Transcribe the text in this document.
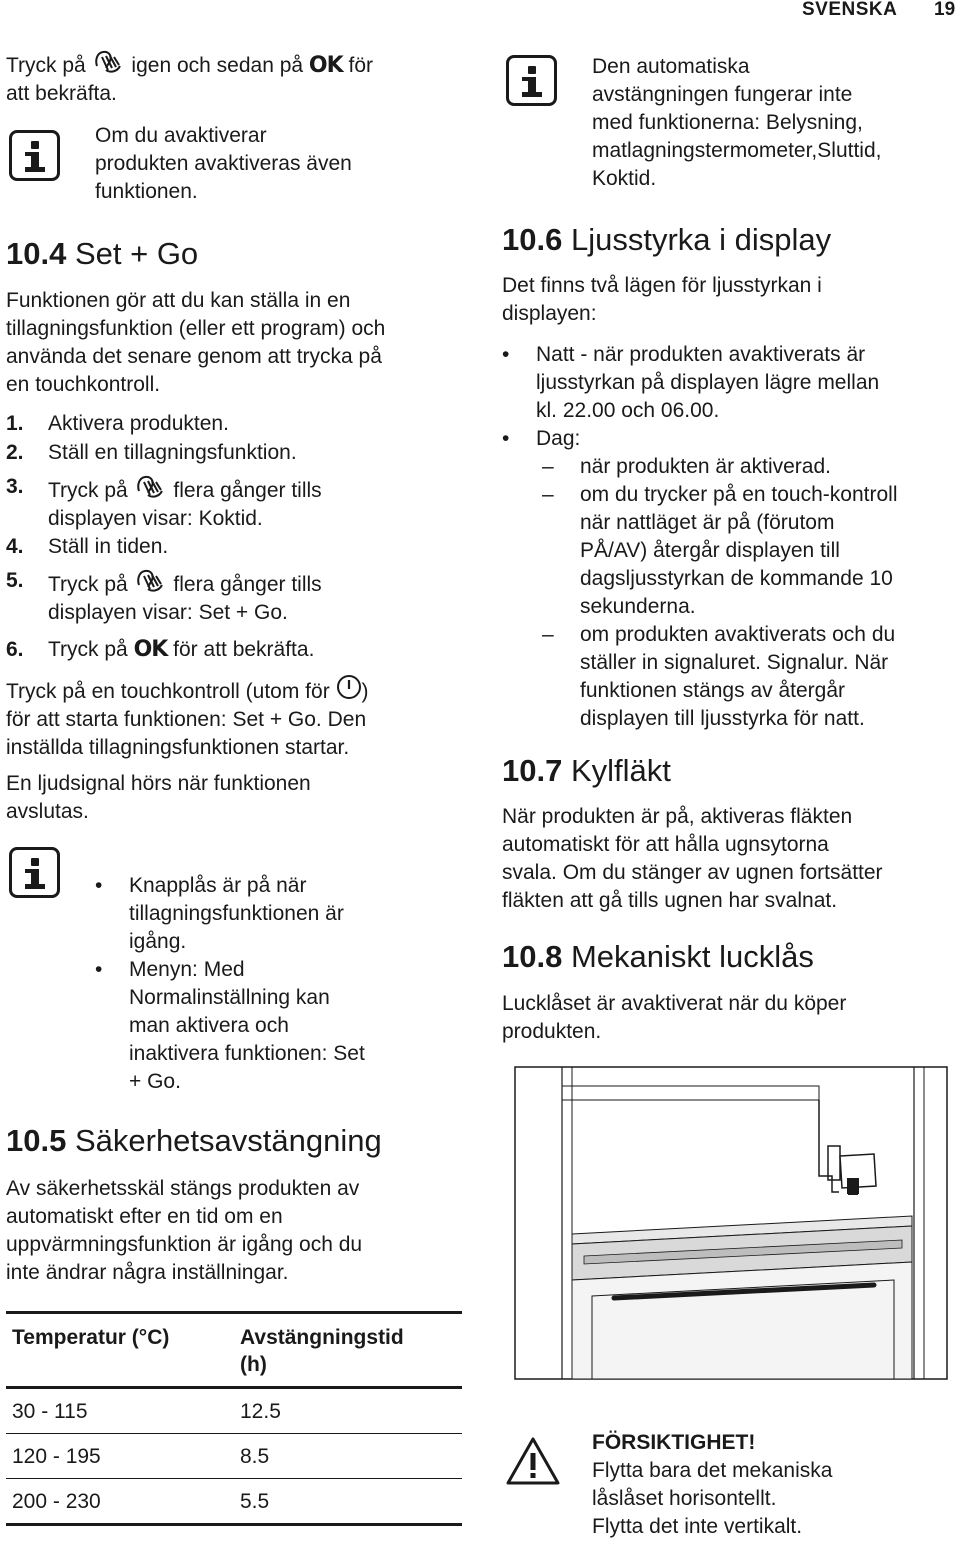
SVENSKA 19
Tryck på igen och sedan på OK för
att bekräfta.
Om du avaktiverar
produkten avaktiveras även
funktionen.
10.4 Set + Go
Funktionen gör att du kan ställa in en
tillagningsfunktion (eller ett program) och
använda det senare genom att trycka på
en touchkontroll.
1. Aktivera produkten.
2. Ställ en tillagningsfunktion.
3. Tryck på flera gånger tills
displayen visar: Koktid.
4. Ställ in tiden.
5. Tryck på flera gånger tills
displayen visar: Set + Go.
6. Tryck på OK för att bekräfta.
Tryck på en touchkontroll (utom för )
för att starta funktionen: Set + Go. Den
inställda tillagningsfunktionen startar.
En ljudsignal hörs när funktionen
avslutas.
• Knapplås är på när
tillagningsfunktionen är
igång.
• Menyn: Med
Normalinställning kan
man aktivera och
inaktivera funktionen: Set
+ Go.
10.5 Säkerhetsavstängning
Av säkerhetsskäl stängs produkten av
automatiskt efter en tid om en
uppvärmningsfunktion är igång och du
inte ändrar några inställningar.
Temperatur (°C)	Avstängningstid
(h)

30 - 115	12.5
120 - 195	8.5
200 - 230	5.5
Den automatiska
avstängningen fungerar inte
med funktionerna: Belysning,
matlagningstermometer,Sluttid,
Koktid.
10.6 Ljusstyrka i display
Det finns två lägen för ljusstyrkan i
displayen:
• Natt - när produkten avaktiverats är
ljusstyrkan på displayen lägre mellan
kl. 22.00 och 06.00.
• Dag:
– när produkten är aktiverad.
– om du trycker på en touch-kontroll
när nattläget är på (förutom
PÅ/AV) återgår displayen till
dagsljusstyrkan de kommande 10
sekunderna.
– om produkten avaktiverats och du
ställer in signaluret. Signalur. När
funktionen stängs av återgår
displayen till ljusstyrka för natt.
10.7 Kylfläkt
När produkten är på, aktiveras fläkten
automatiskt för att hålla ugnsytorna
svala. Om du stänger av ugnen fortsätter
fläkten att gå tills ugnen har svalnat.
10.8 Mekaniskt lucklås
Lucklåset är avaktiverat när du köper
produkten.
FÖRSIKTIGHET!
Flytta bara det mekaniska
låslåset horisontellt.
Flytta det inte vertikalt.
